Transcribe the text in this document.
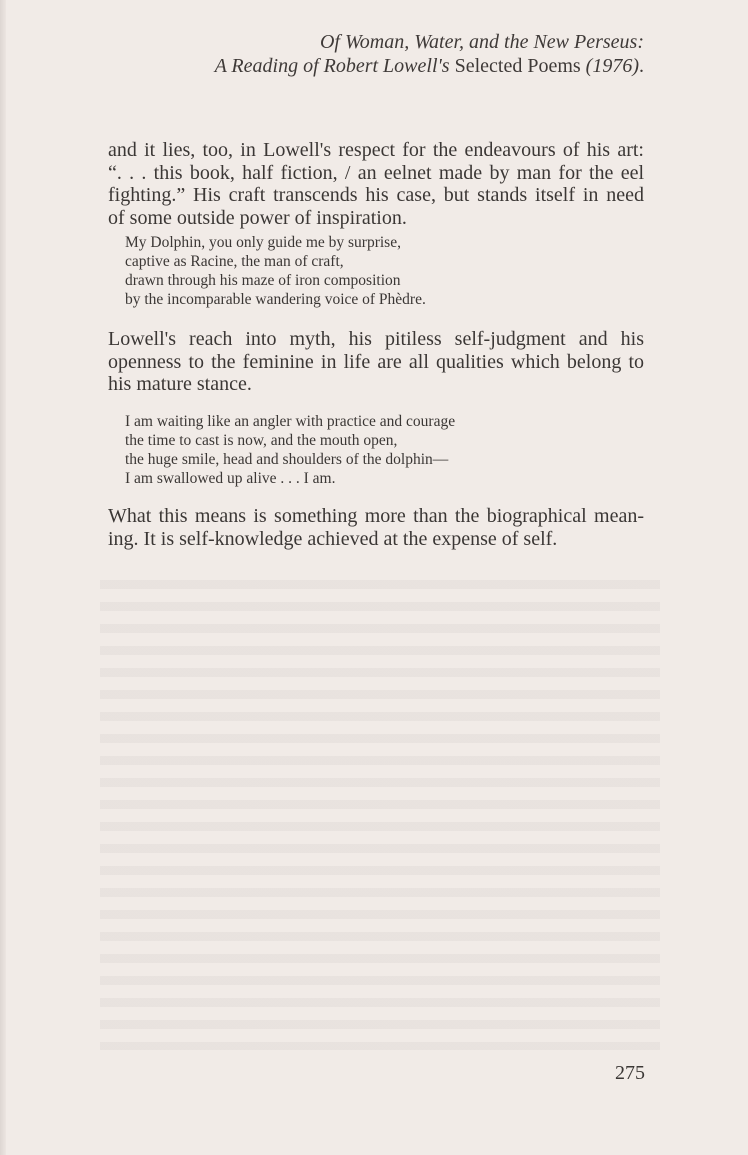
Of Woman, Water, and the New Perseus:
A Reading of Robert Lowell's Selected Poems (1976).
and it lies, too, in Lowell's respect for the endeavours of his art:
“. . . this book, half fiction, / an eelnet made by man for the eel
fighting.” His craft transcends his case, but stands itself in need
of some outside power of inspiration.
My Dolphin, you only guide me by surprise,
captive as Racine, the man of craft,
drawn through his maze of iron composition
by the incomparable wandering voice of Phèdre.
Lowell's reach into myth, his pitiless self-judgment and his
openness to the feminine in life are all qualities which belong to
his mature stance.
I am waiting like an angler with practice and courage
the time to cast is now, and the mouth open,
the huge smile, head and shoulders of the dolphin—
I am swallowed up alive . . . I am.
What this means is something more than the biographical mean-
ing. It is self-knowledge achieved at the expense of self.
275
